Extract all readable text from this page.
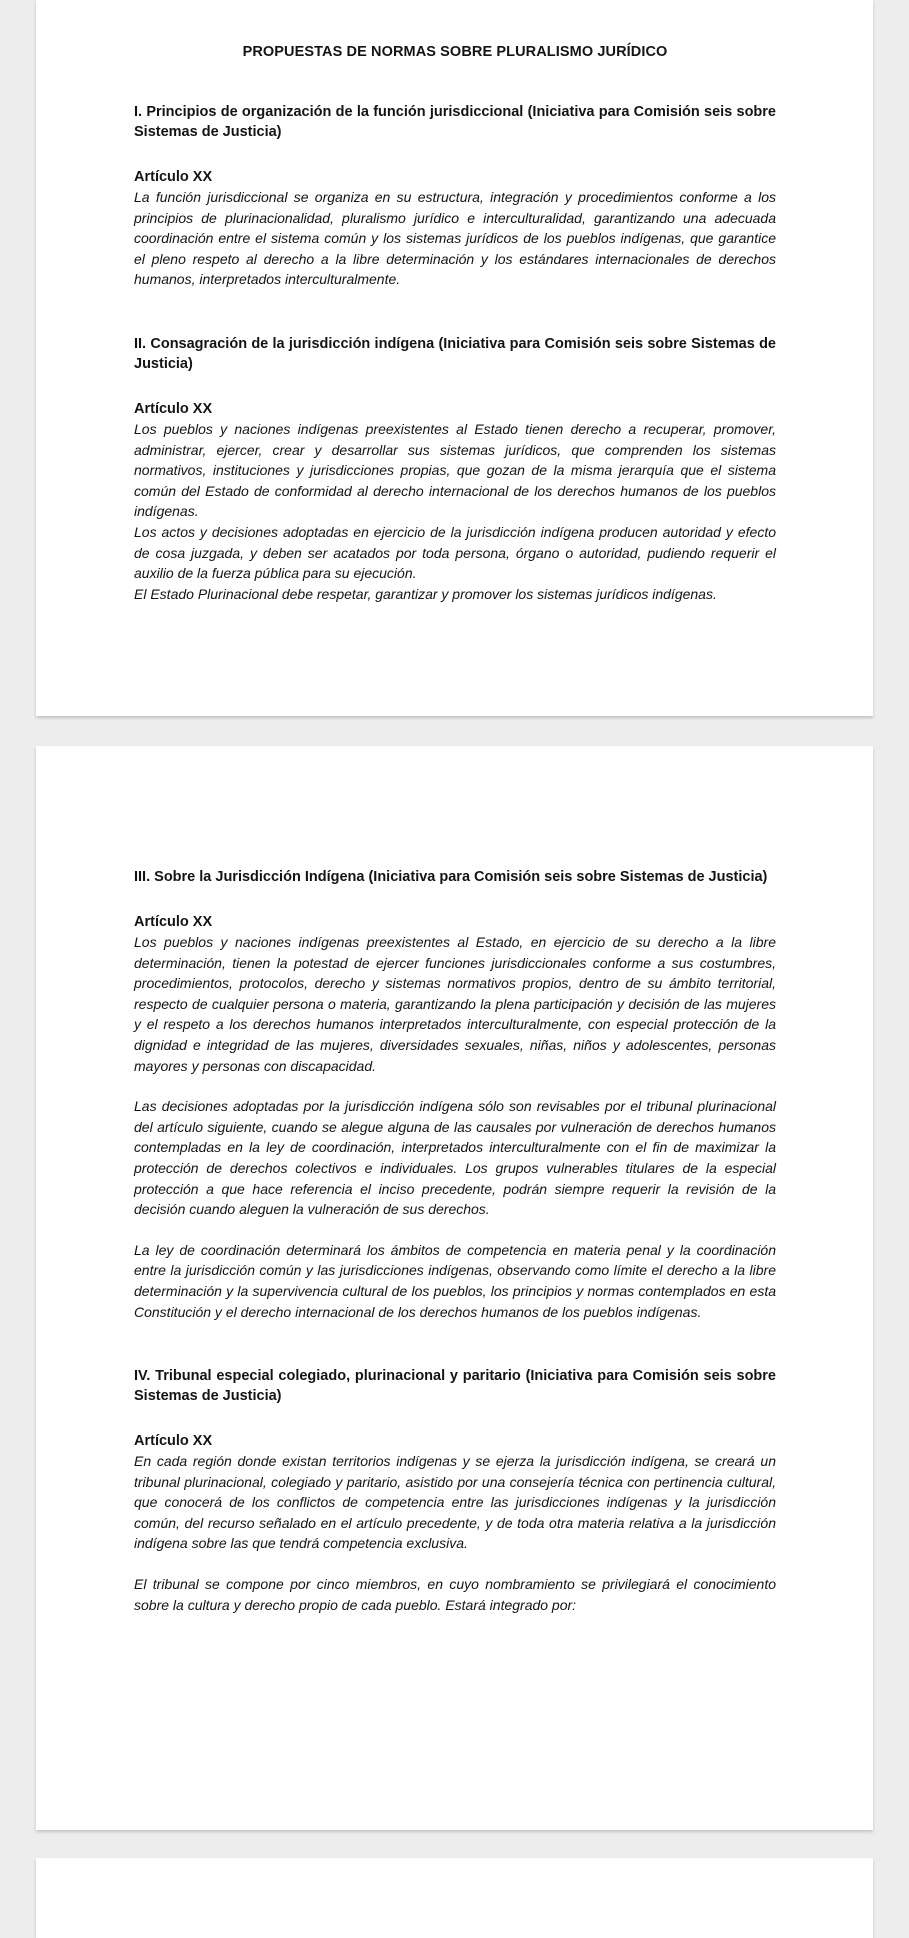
PROPUESTAS DE NORMAS SOBRE PLURALISMO JURÍDICO
I. Principios de organización de la función jurisdiccional (Iniciativa para Comisión seis sobre Sistemas de Justicia)
Artículo XX

La función jurisdiccional se organiza en su estructura, integración y procedimientos conforme a los principios de plurinacionalidad, pluralismo jurídico e interculturalidad, garantizando una adecuada coordinación entre el sistema común y los sistemas jurídicos de los pueblos indígenas, que garantice el pleno respeto al derecho a la libre determinación y los estándares internacionales de derechos humanos, interpretados interculturalmente.

II. Consagración de la jurisdicción indígena (Iniciativa para Comisión seis sobre Sistemas de Justicia)
Artículo XX

Los pueblos y naciones indígenas preexistentes al Estado tienen derecho a recuperar, promover, administrar, ejercer, crear y desarrollar sus sistemas jurídicos, que comprenden los sistemas normativos, instituciones y jurisdicciones propias, que gozan de la misma jerarquía que el sistema común del Estado de conformidad al derecho internacional de los derechos humanos de los pueblos indígenas.

Los actos y decisiones adoptadas en ejercicio de la jurisdicción indígena producen autoridad y efecto de cosa juzgada, y deben ser acatados por toda persona, órgano o autoridad, pudiendo requerir el auxilio de la fuerza pública para su ejecución.

El Estado Plurinacional debe respetar, garantizar y promover los sistemas jurídicos indígenas.

III. Sobre la Jurisdicción Indígena (Iniciativa para Comisión seis sobre Sistemas de Justicia)
Artículo XX

Los pueblos y naciones indígenas preexistentes al Estado, en ejercicio de su derecho a la libre determinación, tienen la potestad de ejercer funciones jurisdiccionales conforme a sus costumbres, procedimientos, protocolos, derecho y sistemas normativos propios, dentro de su ámbito territorial, respecto de cualquier persona o materia, garantizando la plena participación y decisión de las mujeres y el respeto a los derechos humanos interpretados interculturalmente, con especial protección de la dignidad e integridad de las mujeres, diversidades sexuales, niñas, niños y adolescentes, personas mayores y personas con discapacidad.

Las decisiones adoptadas por la jurisdicción indígena sólo son revisables por el tribunal plurinacional del artículo siguiente, cuando se alegue alguna de las causales por vulneración de derechos humanos contempladas en la ley de coordinación, interpretados interculturalmente con el fin de maximizar la protección de derechos colectivos e individuales. Los grupos vulnerables titulares de la especial protección a que hace referencia el inciso precedente, podrán siempre requerir la revisión de la decisión cuando aleguen la vulneración de sus derechos.

La ley de coordinación determinará los ámbitos de competencia en materia penal y la coordinación entre la jurisdicción común y las jurisdicciones indígenas, observando como límite el derecho a la libre determinación y la supervivencia cultural de los pueblos, los principios y normas contemplados en esta Constitución y el derecho internacional de los derechos humanos de los pueblos indígenas.

IV. Tribunal especial colegiado, plurinacional y paritario (Iniciativa para Comisión seis sobre Sistemas de Justicia)
Artículo XX

En cada región donde existan territorios indígenas y se ejerza la jurisdicción indígena, se creará un tribunal plurinacional, colegiado y paritario, asistido por una consejería técnica con pertinencia cultural, que conocerá de los conflictos de competencia entre las jurisdicciones indígenas y la jurisdicción común, del recurso señalado en el artículo precedente, y de toda otra materia relativa a la jurisdicción indígena sobre las que tendrá competencia exclusiva.

El tribunal se compone por cinco miembros, en cuyo nombramiento se privilegiará el conocimiento sobre la cultura y derecho propio de cada pueblo. Estará integrado por:
